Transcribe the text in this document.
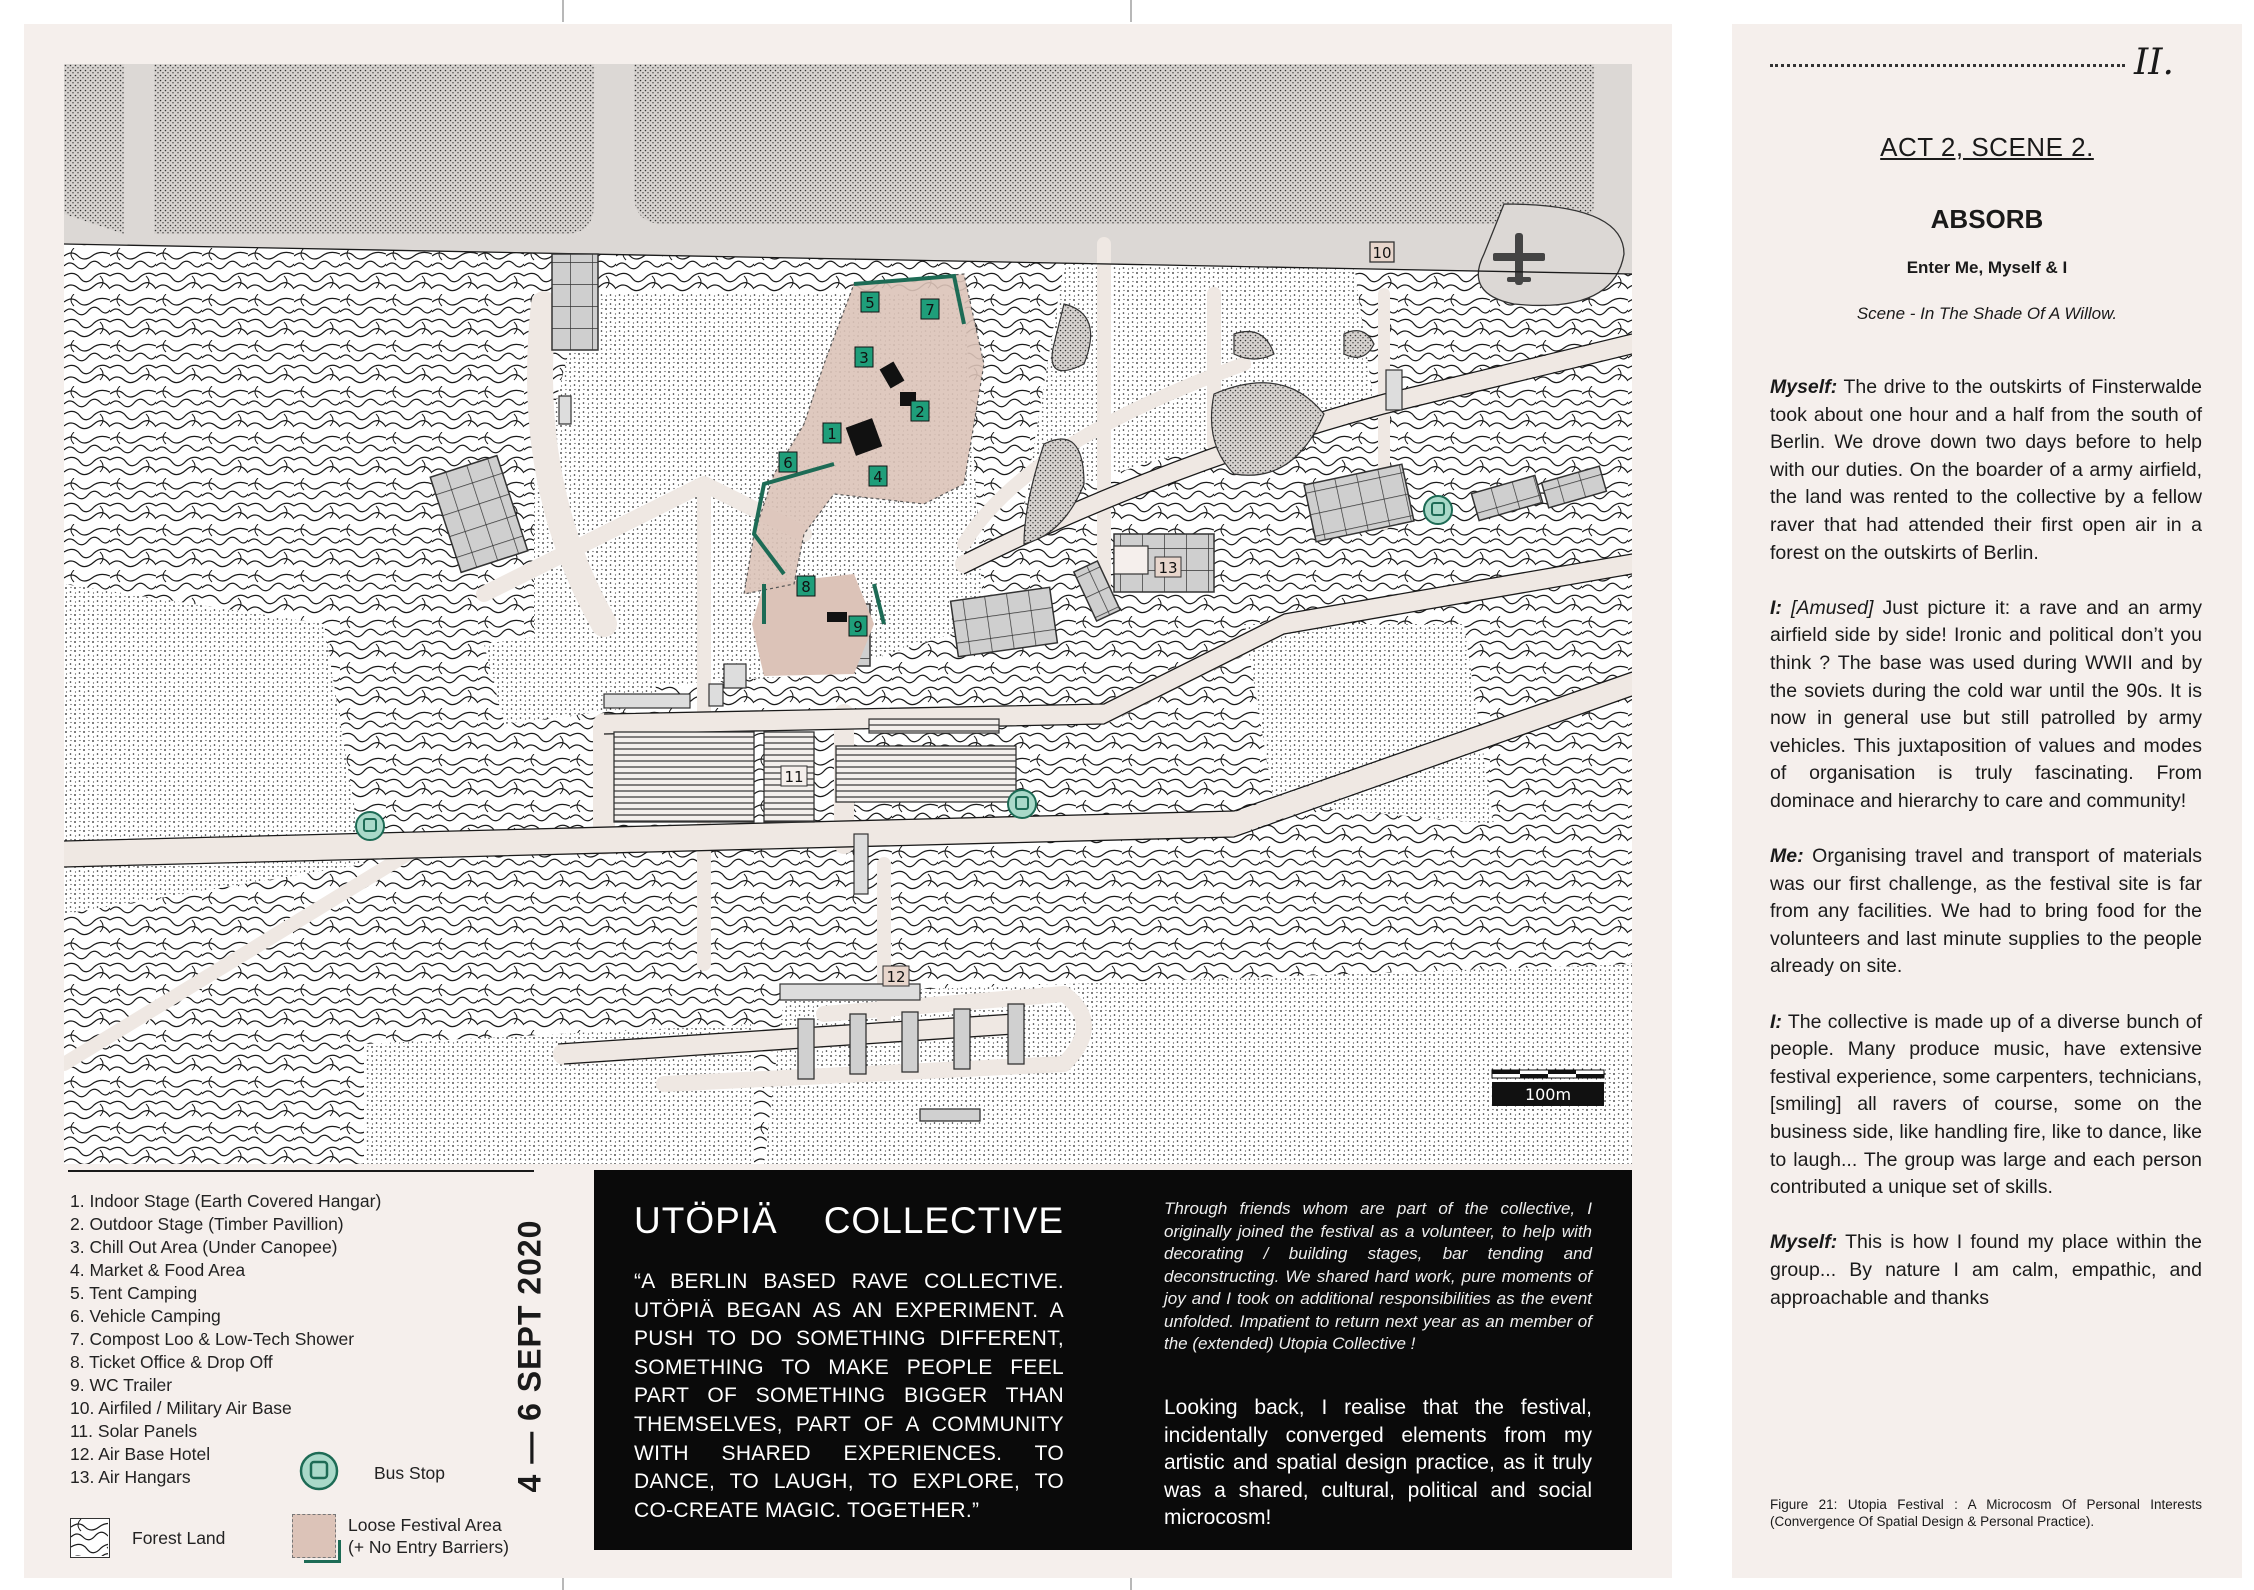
1
2
3
4
5
6
7
8
9
10
11
12
13
100m
1. Indoor Stage (Earth Covered Hangar)
2. Outdoor Stage (Timber Pavillion)
3. Chill Out Area (Under Canopee)
4. Market & Food Area
5. Tent Camping
6. Vehicle Camping
7. Compost Loo & Low-Tech Shower
8. Ticket Office & Drop Off
9. WC Trailer
10. Airfiled / Military Air Base
11. Solar Panels
12. Air Base Hotel
13. Air Hangars	Bus Stop
Forest Land
Loose Festival Area
(+ No Entry Barriers)
4 — 6 SEPT 2020 UTÖPIÄ COLLECTIVE
“A BERLIN BASED RAVE COLLECTIVE. UTÖPIÄ BEGAN AS AN EXPERIMENT. A PUSH TO DO SOMETHING DIFFERENT, SOMETHING TO MAKE PEOPLE FEEL PART OF SOMETHING BIGGER THAN THEMSELVES, PART OF A COMMUNITY WITH SHARED EXPERIENCES. TO DANCE, TO LAUGH, TO EXPLORE, TO CO-CREATE MAGIC. TOGETHER.”
Through friends whom are part of the collective, I originally joined the festival as a volunteer, to help with decorating / building stages, bar tending and deconstructing. We shared hard work, pure moments of joy and I took on additional responsibilities as the event unfolded. Impatient to return next year as an member of the (extended) Utopia Collective !
Looking back, I realise that the festival, incidentally converged elements from my artistic and spatial design practice, as it truly was a shared, cultural, political and social microcosm!
II.
ACT 2, SCENE 2.
ABSORB
Enter Me, Myself & I
Scene - In The Shade Of A Willow.

Myself: The drive to the outskirts of Finsterwalde took about one hour and a half from the south of Berlin. We drove down two days before to help with our duties. On the boarder of a army airfield, the land was rented to the collective by a fellow raver that had attended their first open air in a forest on the outskirts of Berlin.

I: [Amused] Just picture it: a rave and an army airfield side by side! Ironic and political don’t you think ? The base was used during WWII and by the soviets during the cold war until the 90s. It is now in general use but still patrolled by army vehicles. This juxtaposition of values and modes of organisation is truly fascinating. From dominace and hierarchy to care and community!

Me: Organising travel and transport of materials was our first challenge, as the festival site is far from any facilities. We had to bring food for the volunteers and last minute supplies to the people already on site.

I: The collective is made up of a diverse bunch of people. Many produce music, have extensive festival experience, some carpenters, technicians, [smiling] all ravers of course, some on the business side, like handling fire, like to dance, like to laugh... The group was large and each person contributed a unique set of skills.

Myself: This is how I found my place within the group... By nature I am calm, empathic, and approachable and thanks

Figure 21: Utopia Festival : A Microcosm Of Personal Interests (Convergence Of Spatial Design & Personal Practice).
